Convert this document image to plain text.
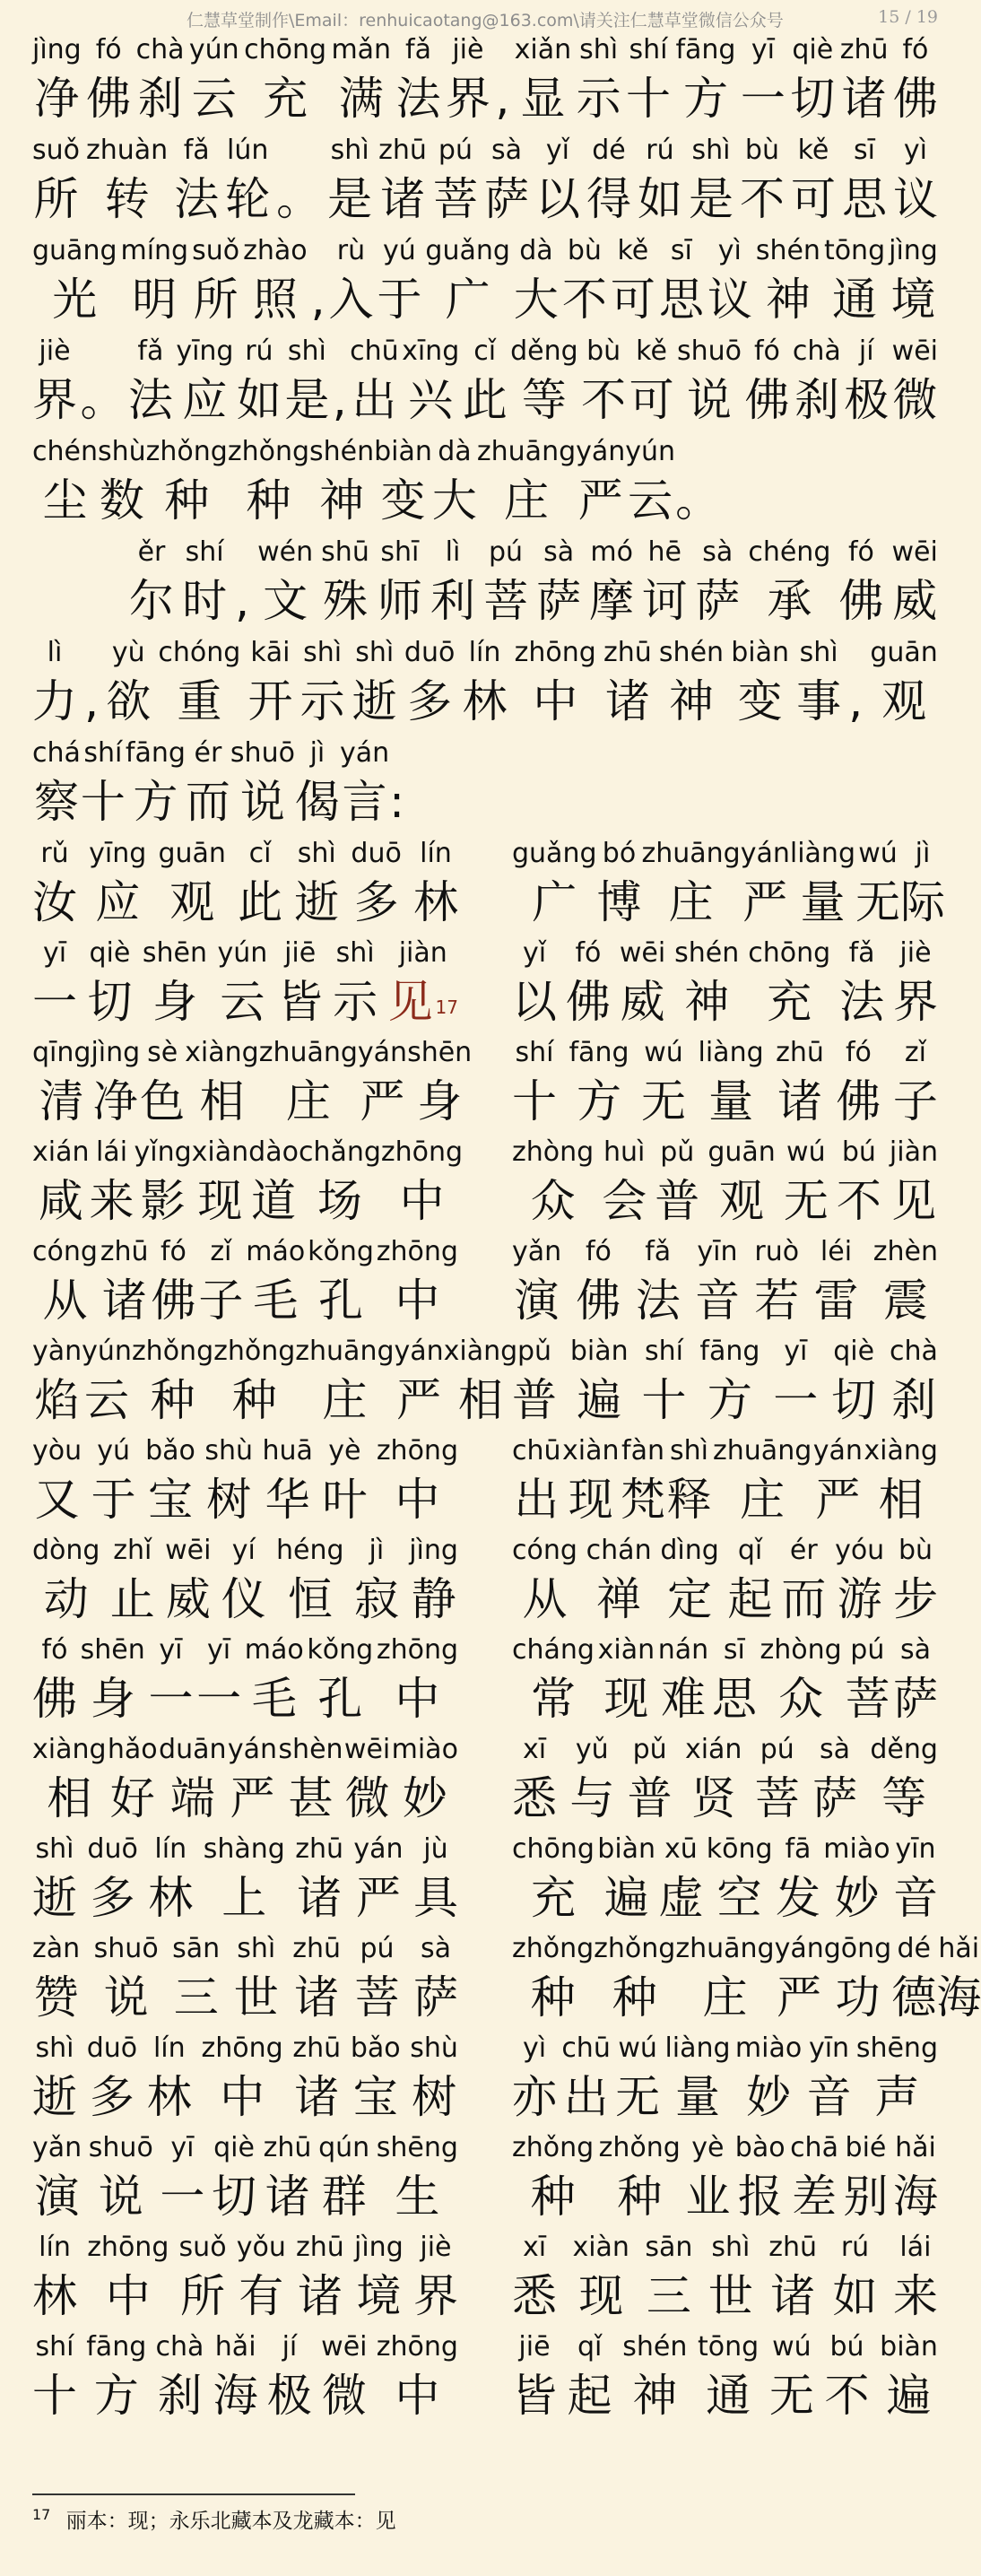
仁慧草堂制作\Email：renhuicaotang@163.com\请关注仁慧草堂微信公众号	15 / 19
jìng
净
fó
佛
chà
刹
yún
云
chōng
充
mǎn
满
fǎ
法
jiè
界 ,
xiǎn
显
shì
示
shí
十
fāng
方
yī
一
qiè
切
zhū
诸
fó
佛
suǒ
所
zhuàn
转
fǎ
法
lún
轮 。
shì
是
zhū
诸
pú
菩
sà
萨
yǐ
以
dé
得
rú
如
shì
是
bù
不
kě
可
sī
思
yì
议
guāng
光
míng
明
suǒ
所
zhào
照 ,
rù
入
yú
于
guǎng
广
dà
大
bù
不
kě
可
sī
思
yì
议
shén
神
tōng
通
jìng
境
jiè
界 。
fǎ
法
yīng
应
rú
如
shì
是 ,
chū
出
xīng
兴
cǐ
此
děng
等
bù
不
kě
可
shuō
说
fó
佛
chà
刹
jí
极
wēi
微
chén
尘
shù
数
zhǒng
种
zhǒng
种
shén
神
biàn
变
dà
大
zhuāng
庄
yán
严
yún
云 。
ěr
尔
shí
时 ,
wén
文
shū
殊
shī
师
lì
利
pú
菩
sà
萨
mó
摩
hē
诃
sà
萨
chéng
承
fó
佛
wēi
威
lì
力 ,
yù
欲
chóng
重
kāi
开
shì
示
shì
逝
duō
多
lín
林
zhōng
中
zhū
诸
shén
神
biàn
变
shì
事 ,
guān
观
chá
察
shí
十
fāng
方
ér
而
shuō
说
jì
偈
yán
言 :
rǔ
汝
yīng
应
guān
观
cǐ
此
shì
逝
duō
多
lín
林
guǎng
广
bó
博
zhuāng
庄
yán
严
liàng
量
wú
无
jì
际
yī
一
qiè
切
shēn
身
yún
云
jiē
皆
shì
示
jiàn
见 $^{17}$
yǐ
以
fó
佛
wēi
威
shén
神
chōng
充
fǎ
法
jiè
界
qīng
清
jìng
净
sè
色
xiàng
相
zhuāng
庄
yán
严
shēn
身
shí
十
fāng
方
wú
无
liàng
量
zhū
诸
fó
佛
zǐ
子
xián
咸
lái
来
yǐng
影
xiàn
现
dào
道
chǎng
场
zhōng
中
zhòng
众
huì
会
pǔ
普
guān
观
wú
无
bú
不
jiàn
见
cóng
从
zhū
诸
fó
佛
zǐ
子
máo
毛
kǒng
孔
zhōng
中
yǎn
演
fó
佛
fǎ
法
yīn
音
ruò
若
léi
雷
zhèn
震
yàn
焰
yún
云
zhǒng
种
zhǒng
种
zhuāng
庄
yán
严
xiàng
相
pǔ
普
biàn
遍
shí
十
fāng
方
yī
一
qiè
切
chà
刹
yòu
又
yú
于
bǎo
宝
shù
树
huā
华
yè
叶
zhōng
中
chū
出
xiàn
现
fàn
梵
shì
释
zhuāng
庄
yán
严
xiàng
相
dòng
动
zhǐ
止
wēi
威
yí
仪
héng
恒
jì
寂
jìng
静
cóng
从
chán
禅
dìng
定
qǐ
起
ér
而
yóu
游
bù
步
fó
佛
shēn
身
yī
一
yī
一
máo
毛
kǒng
孔
zhōng
中
cháng
常
xiàn
现
nán
难
sī
思
zhòng
众
pú
菩
sà
萨
xiàng
相
hǎo
好
duān
端
yán
严
shèn
甚
wēi
微
miào
妙
xī
悉
yǔ
与
pǔ
普
xián
贤
pú
菩
sà
萨
děng
等
shì
逝
duō
多
lín
林
shàng
上
zhū
诸
yán
严
jù
具
chōng
充
biàn
遍
xū
虚
kōng
空
fā
发
miào
妙
yīn
音
zàn
赞
shuō
说
sān
三
shì
世
zhū
诸
pú
菩
sà
萨
zhǒng
种
zhǒng
种
zhuāng
庄
yán
严
gōng
功
dé
德
hǎi
海
shì
逝
duō
多
lín
林
zhōng
中
zhū
诸
bǎo
宝
shù
树
yì
亦
chū
出
wú
无
liàng
量
miào
妙
yīn
音
shēng
声
yǎn
演
shuō
说
yī
一
qiè
切
zhū
诸
qún
群
shēng
生
zhǒng
种
zhǒng
种
yè
业
bào
报
chā
差
bié
别
hǎi
海
lín
林
zhōng
中
suǒ
所
yǒu
有
zhū
诸
jìng
境
jiè
界
xī
悉
xiàn
现
sān
三
shì
世
zhū
诸
rú
如
lái
来
shí
十
fāng
方
chà
刹
hǎi
海
jí
极
wēi
微
zhōng
中
jiē
皆
qǐ
起
shén
神
tōng
通
wú
无
bú
不
biàn
遍
$^{17}$ 丽本：现；永乐北藏本及龙藏本：见
